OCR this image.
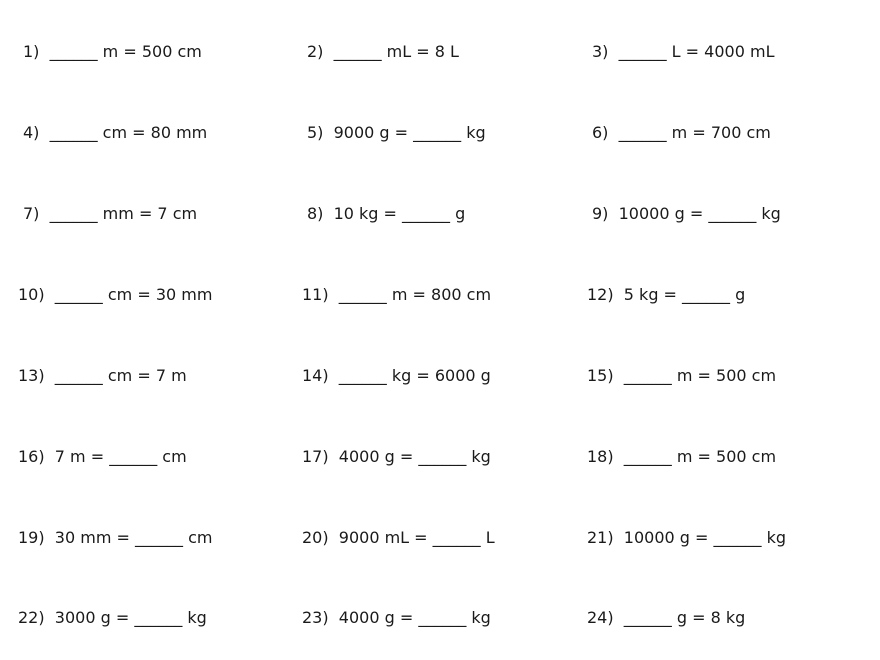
1) ______ m = 500 cm	2) ______ mL = 8 L	3) ______ L = 4000 mL
4) ______ cm = 80 mm	5) 9000 g = ______ kg	6) ______ m = 700 cm
7) ______ mm = 7 cm	8) 10 kg = ______ g	9) 10000 g = ______ kg
10) ______ cm = 30 mm	11) ______ m = 800 cm	12) 5 kg = ______ g
13) ______ cm = 7 m	14) ______ kg = 6000 g	15) ______ m = 500 cm
16) 7 m = ______ cm	17) 4000 g = ______ kg	18) ______ m = 500 cm
19) 30 mm = ______ cm	20) 9000 mL = ______ L	21) 10000 g = ______ kg
22) 3000 g = ______ kg	23) 4000 g = ______ kg	24) ______ g = 8 kg
